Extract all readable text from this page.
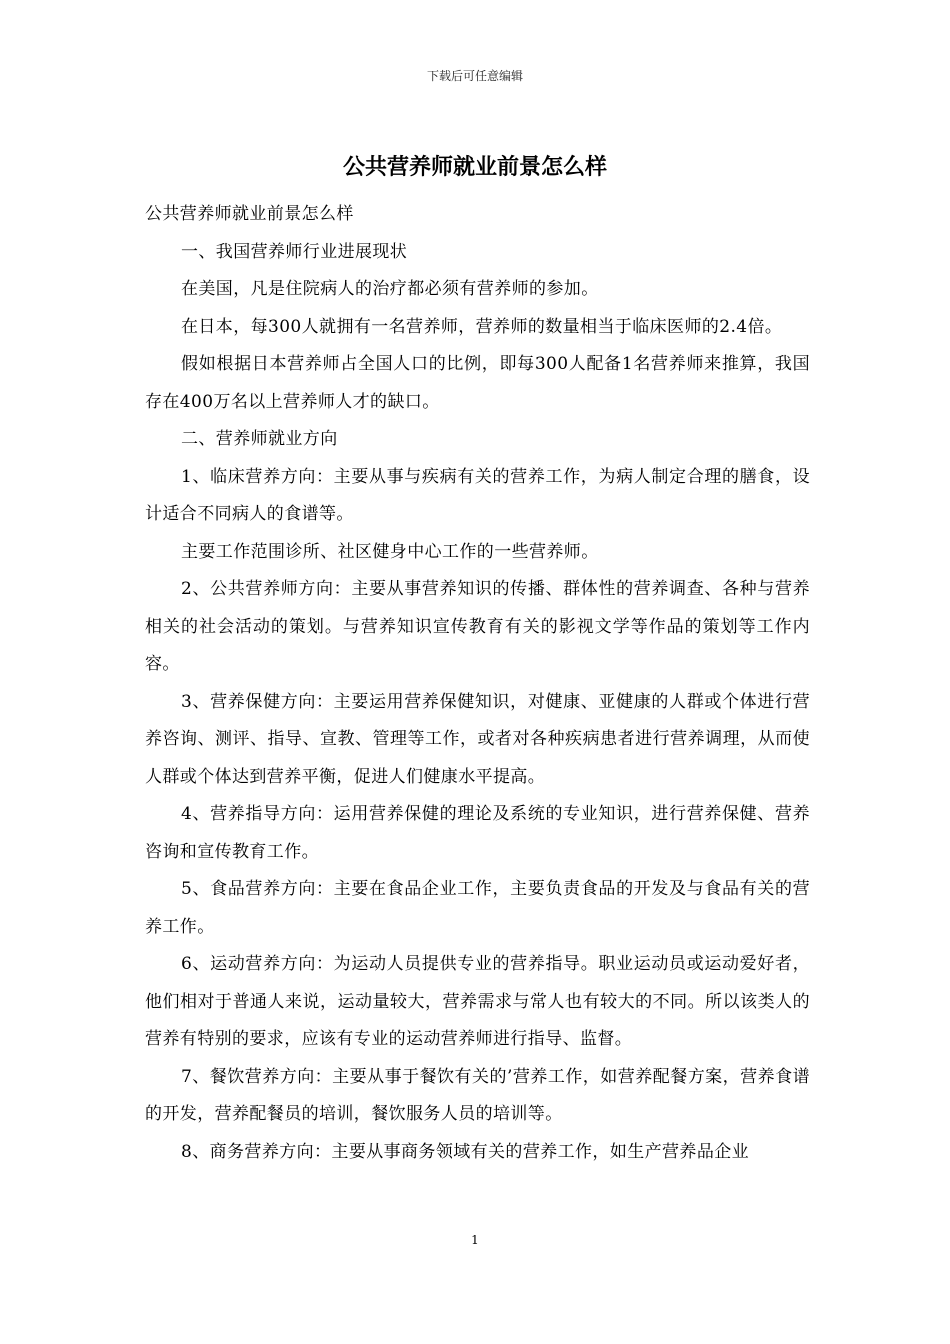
下载后可任意编辑
公共营养师就业前景怎么样

公共营养师就业前景怎么样

一、我国营养师行业进展现状

在美国，凡是住院病人的治疗都必须有营养师的参加。

在日本，每300人就拥有一名营养师，营养师的数量相当于临床医师的2.4倍。

假如根据日本营养师占全国人口的比例，即每300人配备1名营养师来推算，我国存在400万名以上营养师人才的缺口。

二、营养师就业方向

1、临床营养方向：主要从事与疾病有关的营养工作，为病人制定合理的膳食，设计适合不同病人的食谱等。

主要工作范围诊所、社区健身中心工作的一些营养师。

2、公共营养师方向：主要从事营养知识的传播、群体性的营养调查、各种与营养相关的社会活动的策划。与营养知识宣传教育有关的影视文学等作品的策划等工作内容。

3、营养保健方向：主要运用营养保健知识，对健康、亚健康的人群或个体进行营养咨询、测评、指导、宣教、管理等工作，或者对各种疾病患者进行营养调理，从而使人群或个体达到营养平衡，促进人们健康水平提高。

4、营养指导方向：运用营养保健的理论及系统的专业知识，进行营养保健、营养咨询和宣传教育工作。

5、食品营养方向：主要在食品企业工作，主要负责食品的开发及与食品有关的营养工作。

6、运动营养方向：为运动人员提供专业的营养指导。职业运动员或运动爱好者，他们相对于普通人来说，运动量较大，营养需求与常人也有较大的不同。所以该类人的营养有特别的要求，应该有专业的运动营养师进行指导、监督。

7、餐饮营养方向：主要从事于餐饮有关的’营养工作，如营养配餐方案，营养食谱的开发，营养配餐员的培训，餐饮服务人员的培训等。

8、商务营养方向：主要从事商务领域有关的营养工作，如生产营养品企业

1
